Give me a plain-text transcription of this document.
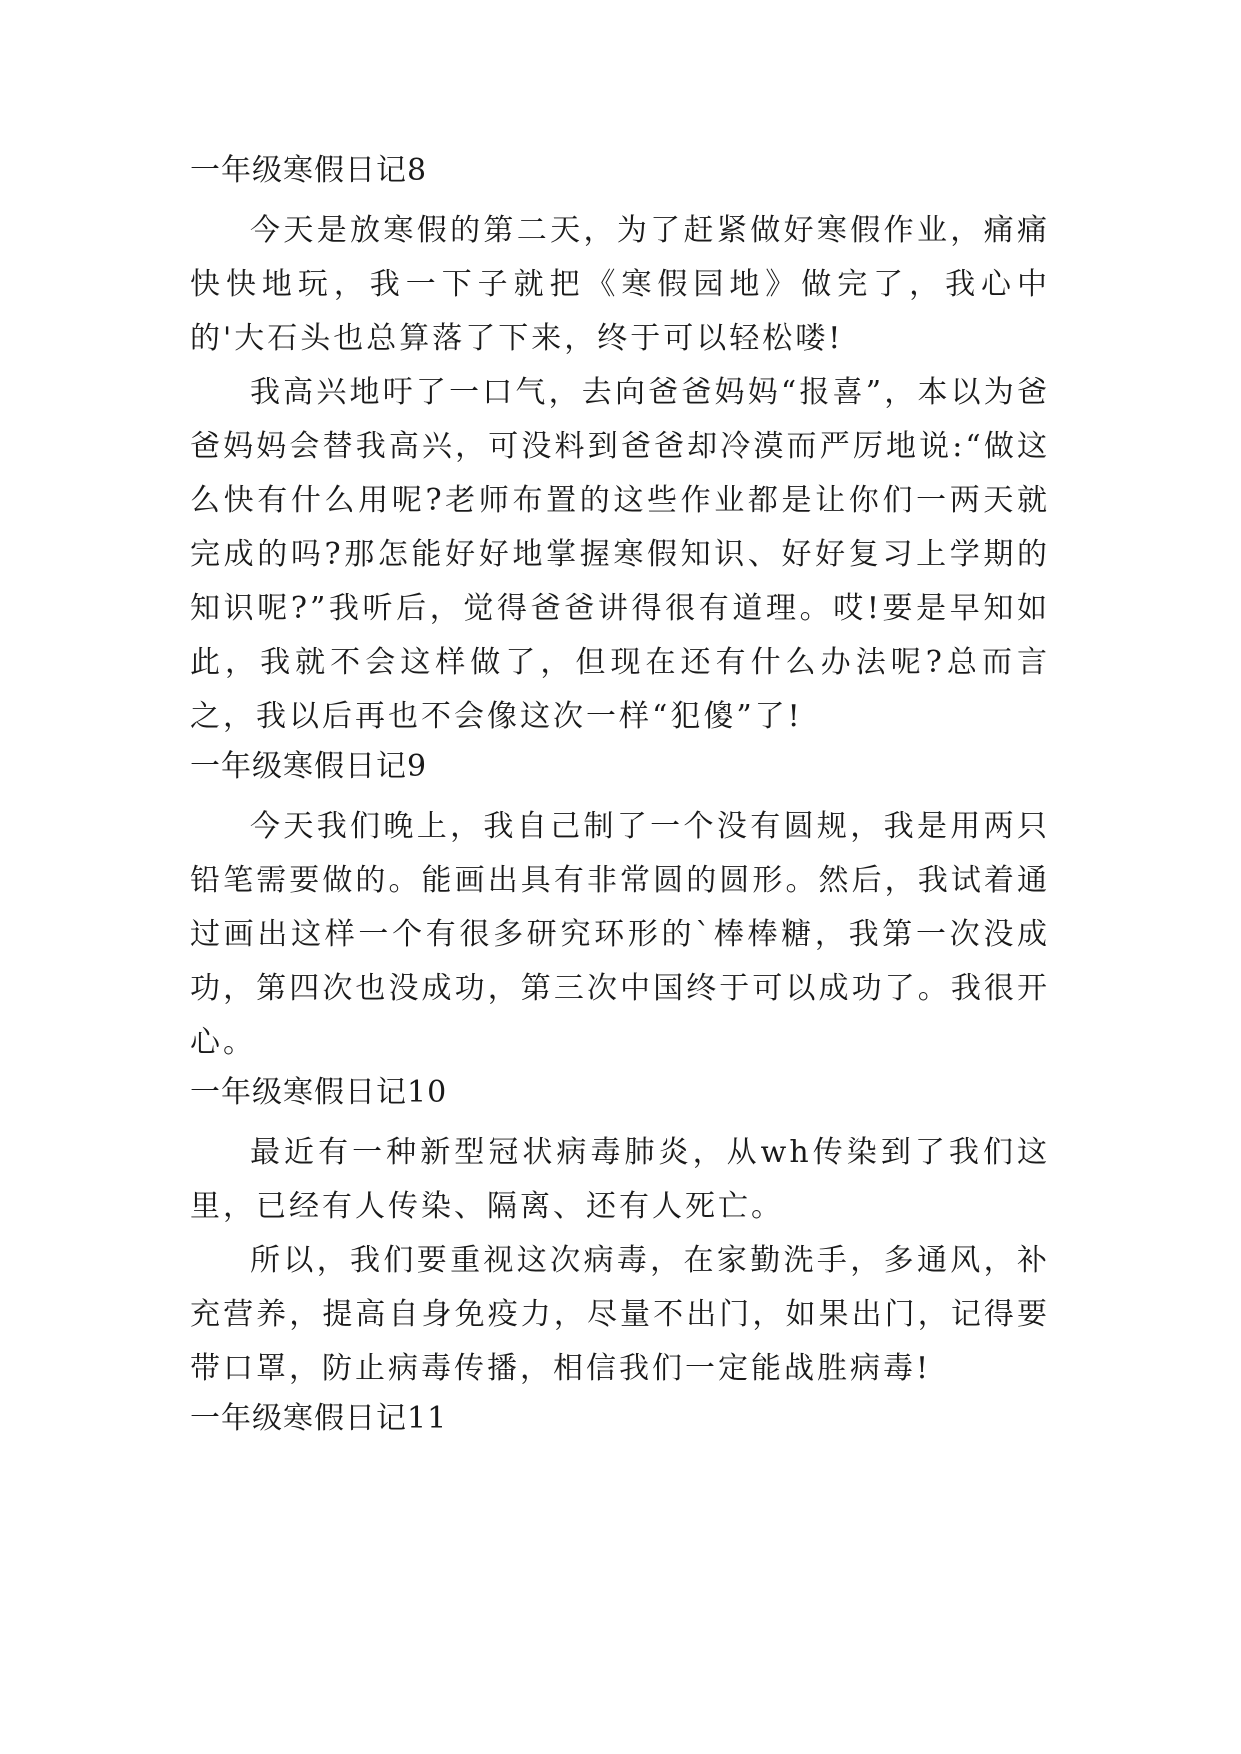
一年级寒假日记8

今天是放寒假的第二天，为了赶紧做好寒假作业，痛痛快快地玩，我一下子就把《寒假园地》做完了，我心中的'大石头也总算落了下来，终于可以轻松喽!

我高兴地吁了一口气，去向爸爸妈妈“报喜”，本以为爸爸妈妈会替我高兴，可没料到爸爸却冷漠而严厉地说:“做这么快有什么用呢?老师布置的这些作业都是让你们一两天就完成的吗?那怎能好好地掌握寒假知识、好好复习上学期的知识呢?”我听后，觉得爸爸讲得很有道理。哎!要是早知如此，我就不会这样做了，但现在还有什么办法呢?总而言之，我以后再也不会像这次一样“犯傻”了!

一年级寒假日记9

今天我们晚上，我自己制了一个没有圆规，我是用两只铅笔需要做的。能画出具有非常圆的圆形。然后，我试着通过画出这样一个有很多研究环形的`棒棒糖，我第一次没成功，第四次也没成功，第三次中国终于可以成功了。我很开心。

一年级寒假日记10

最近有一种新型冠状病毒肺炎，从wh传染到了我们这里，已经有人传染、隔离、还有人死亡。

所以，我们要重视这次病毒，在家勤洗手，多通风，补充营养，提高自身免疫力，尽量不出门，如果出门，记得要带口罩，防止病毒传播，相信我们一定能战胜病毒!

一年级寒假日记11
